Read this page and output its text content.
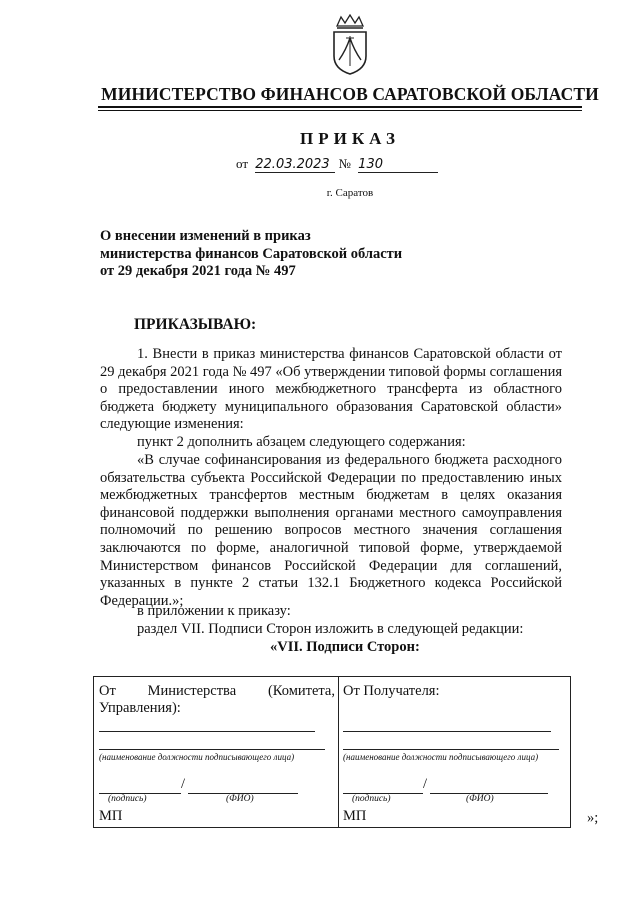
МИНИСТЕРСТВО ФИНАНСОВ САРАТОВСКОЙ ОБЛАСТИ
ПРИКАЗ
от 22.03.2023 № 130
г. Саратов
О внесении изменений в приказ
министерства финансов Саратовской области
от 29 декабря 2021 года № 497
ПРИКАЗЫВАЮ:
1. Внести в приказ министерства финансов Саратовской области от 29 декабря 2021 года № 497 «Об утверждении типовой формы соглашения о предоставлении иного межбюджетного трансферта из областного бюджета бюджету муниципального образования Саратовской области» следующие изменения:
пункт 2 дополнить абзацем следующего содержания:
«В случае софинансирования из федерального бюджета расходного обязательства субъекта Российской Федерации по предоставлению иных межбюджетных трансфертов местным бюджетам в целях оказания финансовой поддержки выполнения органами местного самоуправления полномочий по решению вопросов местного значения соглашения заключаются по форме, аналогичной типовой форме, утверждаемой Министерством финансов Российской Федерации для соглашений, указанных в пункте 2 статьи 132.1 Бюджетного кодекса Российской Федерации.»;
в приложении к приказу:
раздел VII. Подписи Сторон изложить в следующей редакции:
«VII. Подписи Сторон:
От Министерства (Комитета, Управления):
(наименование должности подписывающего лица)
/
(подпись)	(ФИО)
МП
От Получателя:
(наименование должности подписывающего лица)
/
(подпись)	(ФИО)
МП	»;
